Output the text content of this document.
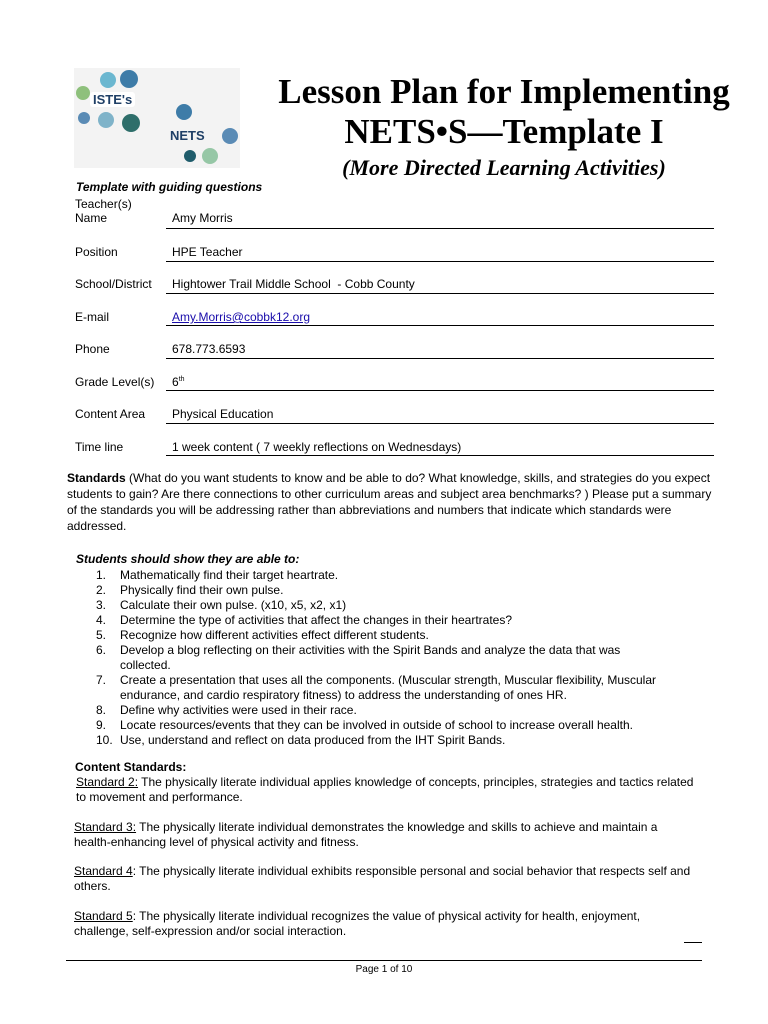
ISTE's
NETS
Lesson Plan for Implementing
NETS•S—Template I
(More Directed Learning Activities)
Template with guiding questions
Teacher(s)
Name	Amy Morris
Position	HPE Teacher
School/District Hightower Trail Middle School  - Cobb County
E-mail	Amy.Morris@cobbk12.org
Phone	678.773.6593
Grade Level(s) 6th
Content Area Physical Education
Time line	1 week content ( 7 weekly reflections on Wednesdays)

Standards (What do you want students to know and be able to do? What knowledge, skills, and strategies do you expect students to gain? Are there connections to other curriculum areas and subject area benchmarks? ) Please put a summary of the standards you will be addressing rather than abbreviations and numbers that indicate which standards were addressed.

Students should show they are able to:
1.	Mathematically find their target heartrate.
2.	Physically find their own pulse.
3.	Calculate their own pulse. (x10, x5, x2, x1)
4.	Determine the type of activities that affect the changes in their heartrates?
5.	Recognize how different activities effect different students.
6.	Develop a blog reflecting on their activities with the Spirit Bands and analyze the data that was collected.
7.	Create a presentation that uses all the components. (Muscular strength, Muscular flexibility, Muscular endurance, and cardio respiratory fitness) to address the understanding of ones HR.
8.	Define why activities were used in their race.
9.	Locate resources/events that they can be involved in outside of school to increase overall health.
10. Use, understand and reflect on data produced from the IHT Spirit Bands.
Content Standards:
Standard 2: The physically literate individual applies knowledge of concepts, principles, strategies and tactics related to movement and performance.
Standard 3: The physically literate individual demonstrates the knowledge and skills to achieve and maintain a health-enhancing level of physical activity and fitness.
Standard 4: The physically literate individual exhibits responsible personal and social behavior that respects self and others.
Standard 5: The physically literate individual recognizes the value of physical activity for health, enjoyment, challenge, self-expression and/or social interaction.
Page 1 of 10
